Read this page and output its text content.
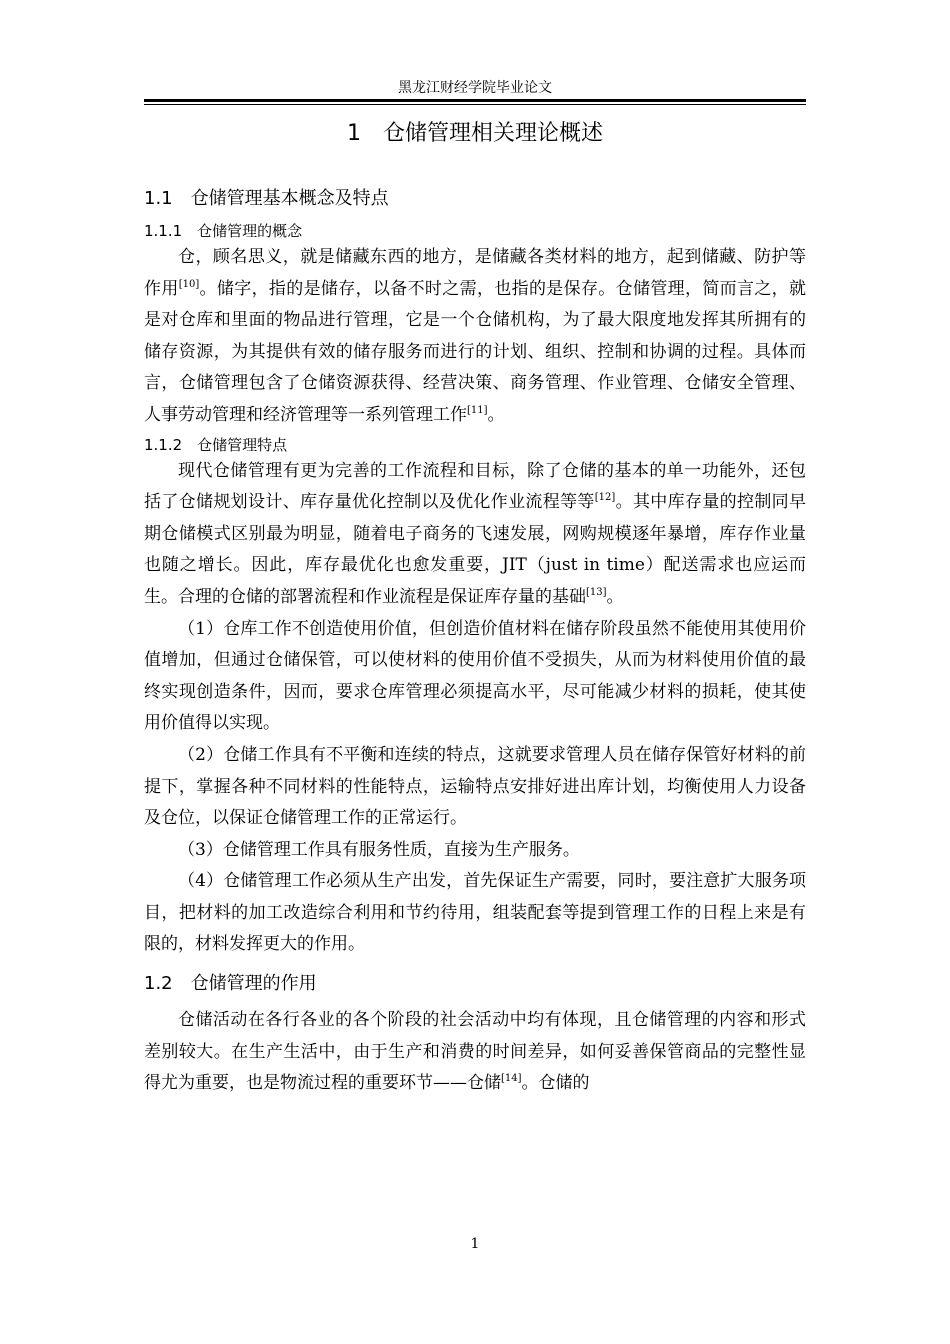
黑龙江财经学院毕业论文
1　仓储管理相关理论概述
1.1　仓储管理基本概念及特点
1.1.1　仓储管理的概念

仓，顾名思义，就是储藏东西的地方，是储藏各类材料的地方，起到储藏、防护等作用[10]。储字，指的是储存，以备不时之需，也指的是保存。仓储管理，简而言之，就是对仓库和里面的物品进行管理，它是一个仓储机构，为了最大限度地发挥其所拥有的储存资源，为其提供有效的储存服务而进行的计划、组织、控制和协调的过程。具体而言，仓储管理包含了仓储资源获得、经营决策、商务管理、作业管理、仓储安全管理、人事劳动管理和经济管理等一系列管理工作[11]。

1.1.2　仓储管理特点

现代仓储管理有更为完善的工作流程和目标，除了仓储的基本的单一功能外，还包括了仓储规划设计、库存量优化控制以及优化作业流程等等[12]。其中库存量的控制同早期仓储模式区别最为明显，随着电子商务的飞速发展，网购规模逐年暴增，库存作业量也随之增长。因此，库存最优化也愈发重要，JIT（just in time）配送需求也应运而生。合理的仓储的部署流程和作业流程是保证库存量的基础[13]。

（1）仓库工作不创造使用价值，但创造价值材料在储存阶段虽然不能使用其使用价值增加，但通过仓储保管，可以使材料的使用价值不受损失，从而为材料使用价值的最终实现创造条件，因而，要求仓库管理必须提高水平，尽可能减少材料的损耗，使其使用价值得以实现。

（2）仓储工作具有不平衡和连续的特点，这就要求管理人员在储存保管好材料的前提下，掌握各种不同材料的性能特点，运输特点安排好进出库计划，均衡使用人力设备及仓位，以保证仓储管理工作的正常运行。

（3）仓储管理工作具有服务性质，直接为生产服务。

（4）仓储管理工作必须从生产出发，首先保证生产需要，同时，要注意扩大服务项目，把材料的加工改造综合利用和节约待用，组装配套等提到管理工作的日程上来是有限的，材料发挥更大的作用。

1.2　仓储管理的作用

仓储活动在各行各业的各个阶段的社会活动中均有体现，且仓储管理的内容和形式差别较大。在生产生活中，由于生产和消费的时间差异，如何妥善保管商品的完整性显得尤为重要，也是物流过程的重要环节——仓储[14]。仓储的

1
